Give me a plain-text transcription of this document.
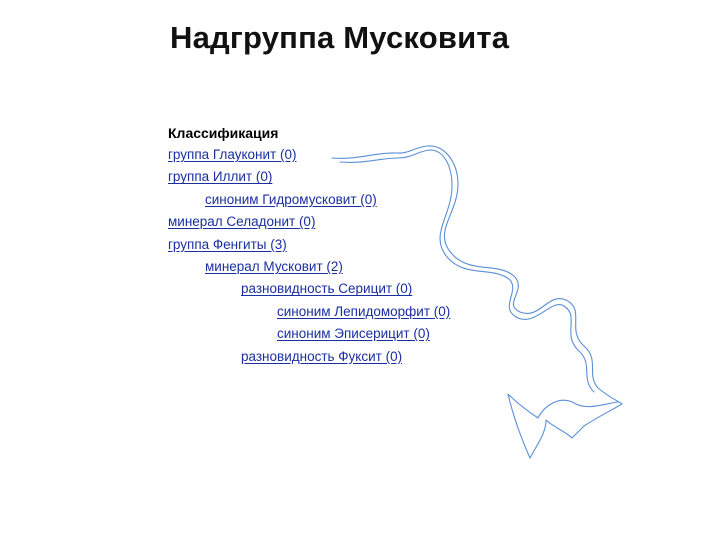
Надгруппа Мусковита
Классификация
группа Глауконит (0)
группа Иллит (0)
синоним Гидромусковит (0)
минерал Селадонит (0)
группа Фенгиты (3)
минерал Мусковит (2)
разновидность Серицит (0)
синоним Лепидоморфит (0)
синоним Эписерицит (0)
разновидность Фуксит (0)
